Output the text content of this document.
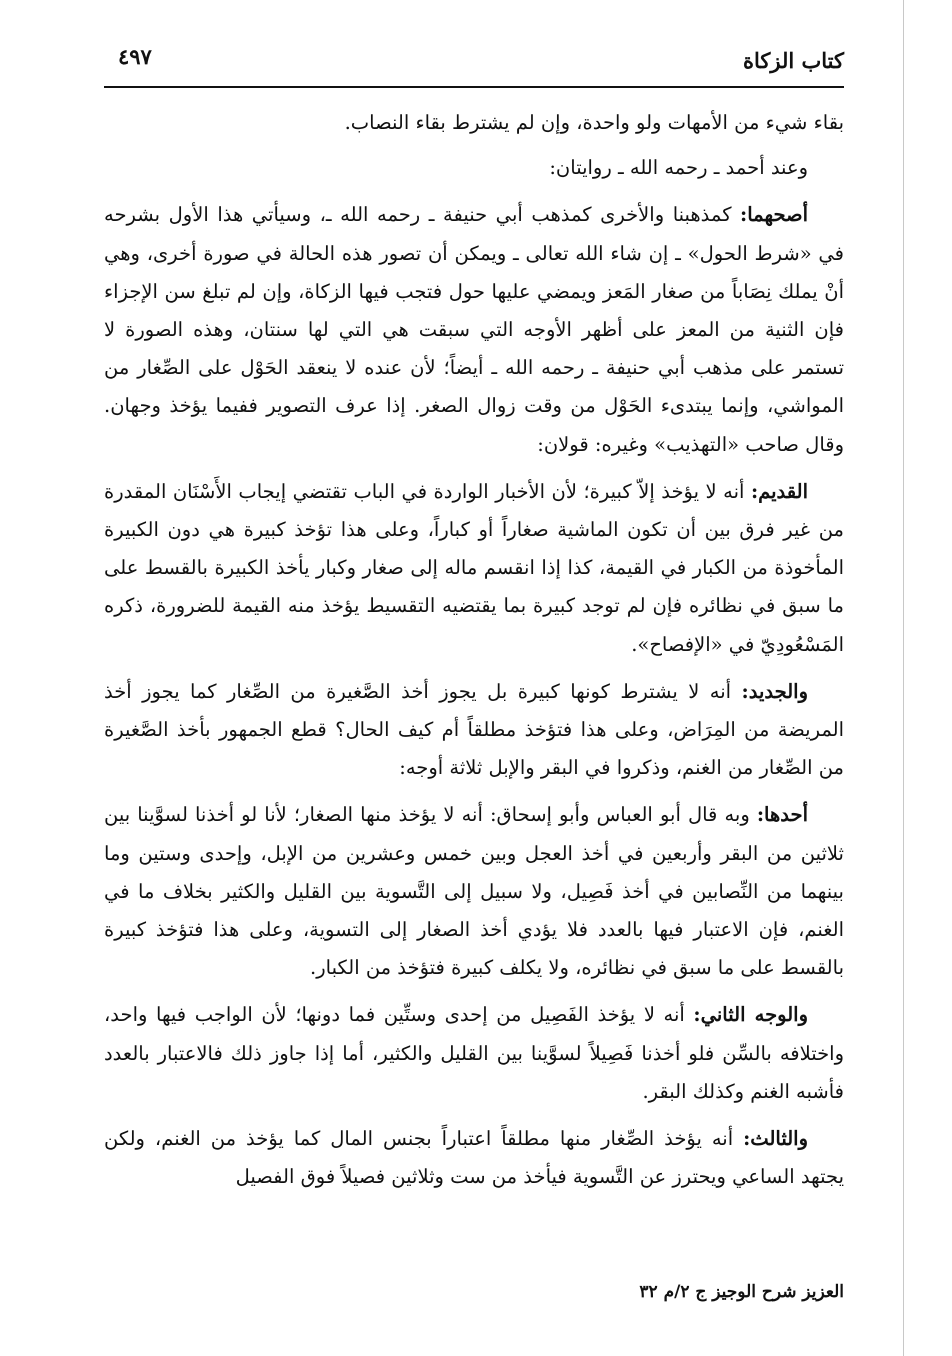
كتاب الزكاة
٤٩٧

بقاء شيء من الأمهات ولو واحدة، وإن لم يشترط بقاء النصاب.

وعند أحمد ـ رحمه الله ـ روايتان:

أصحهما: كمذهبنا والأخرى كمذهب أبي حنيفة ـ رحمه الله ـ، وسيأتي هذا الأول بشرحه في «شرط الحول» ـ إن شاء الله تعالى ـ ويمكن أن تصور هذه الحالة في صورة أخرى، وهي أنْ يملك نِصَاباً من صغار المَعز ويمضي عليها حول فتجب فيها الزكاة، وإن لم تبلغ سن الإجزاء فإن الثنية من المعز على أظهر الأوجه التي سبقت هي التي لها سنتان، وهذه الصورة لا تستمر على مذهب أبي حنيفة ـ رحمه الله ـ أيضاً؛ لأن عنده لا ينعقد الحَوْل على الصِّغار من المواشي، وإنما يبتدىء الحَوْل من وقت زوال الصغر. إذا عرف التصوير ففيما يؤخذ وجهان. وقال صاحب «التهذيب» وغيره: قولان:

القديم: أنه لا يؤخذ إلاّ كبيرة؛ لأن الأخبار الواردة في الباب تقتضي إيجاب الأَسْنَان المقدرة من غير فرق بين أن تكون الماشية صغاراً أو كباراً، وعلى هذا تؤخذ كبيرة هي دون الكبيرة المأخوذة من الكبار في القيمة، كذا إذا انقسم ماله إلى صغار وكبار يأخذ الكبيرة بالقسط على ما سبق في نظائره فإن لم توجد كبيرة بما يقتضيه التقسيط يؤخذ منه القيمة للضرورة، ذكره المَسْعُودِيّ في «الإفصاح».

والجديد: أنه لا يشترط كونها كبيرة بل يجوز أخذ الصَّغيرة من الصِّغار كما يجوز أخذ المريضة من المِرَاض، وعلى هذا فتؤخذ مطلقاً أم كيف الحال؟ قطع الجمهور بأخذ الصَّغيرة من الصِّغار من الغنم، وذكروا في البقر والإبل ثلاثة أوجه:

أحدها: وبه قال أبو العباس وأبو إسحاق: أنه لا يؤخذ منها الصغار؛ لأنا لو أخذنا لسوَّينا بين ثلاثين من البقر وأربعين في أخذ العجل وبين خمس وعشرين من الإبل، وإحدى وستين وما بينهما من النِّصابين في أخذ فَصِيل، ولا سبيل إلى التَّسوية بين القليل والكثير بخلاف ما في الغنم، فإن الاعتبار فيها بالعدد فلا يؤدي أخذ الصغار إلى التسوية، وعلى هذا فتؤخذ كبيرة بالقسط على ما سبق في نظائره، ولا يكلف كبيرة فتؤخذ من الكبار.

والوجه الثاني: أنه لا يؤخذ الفَصِيل من إحدى وستِّين فما دونها؛ لأن الواجب فيها واحد، واختلافه بالسِّن فلو أخذنا فَصِيلاً لسوَّينا بين القليل والكثير، أما إذا جاوز ذلك فالاعتبار بالعدد فأشبه الغنم وكذلك البقر.

والثالث: أنه يؤخذ الصِّغار منها مطلقاً اعتباراً بجنس المال كما يؤخذ من الغنم، ولكن يجتهد الساعي ويحترز عن التَّسوية فيأخذ من ست وثلاثين فصيلاً فوق الفصيل

العزيز شرح الوجيز ج ٢/م ٣٢
